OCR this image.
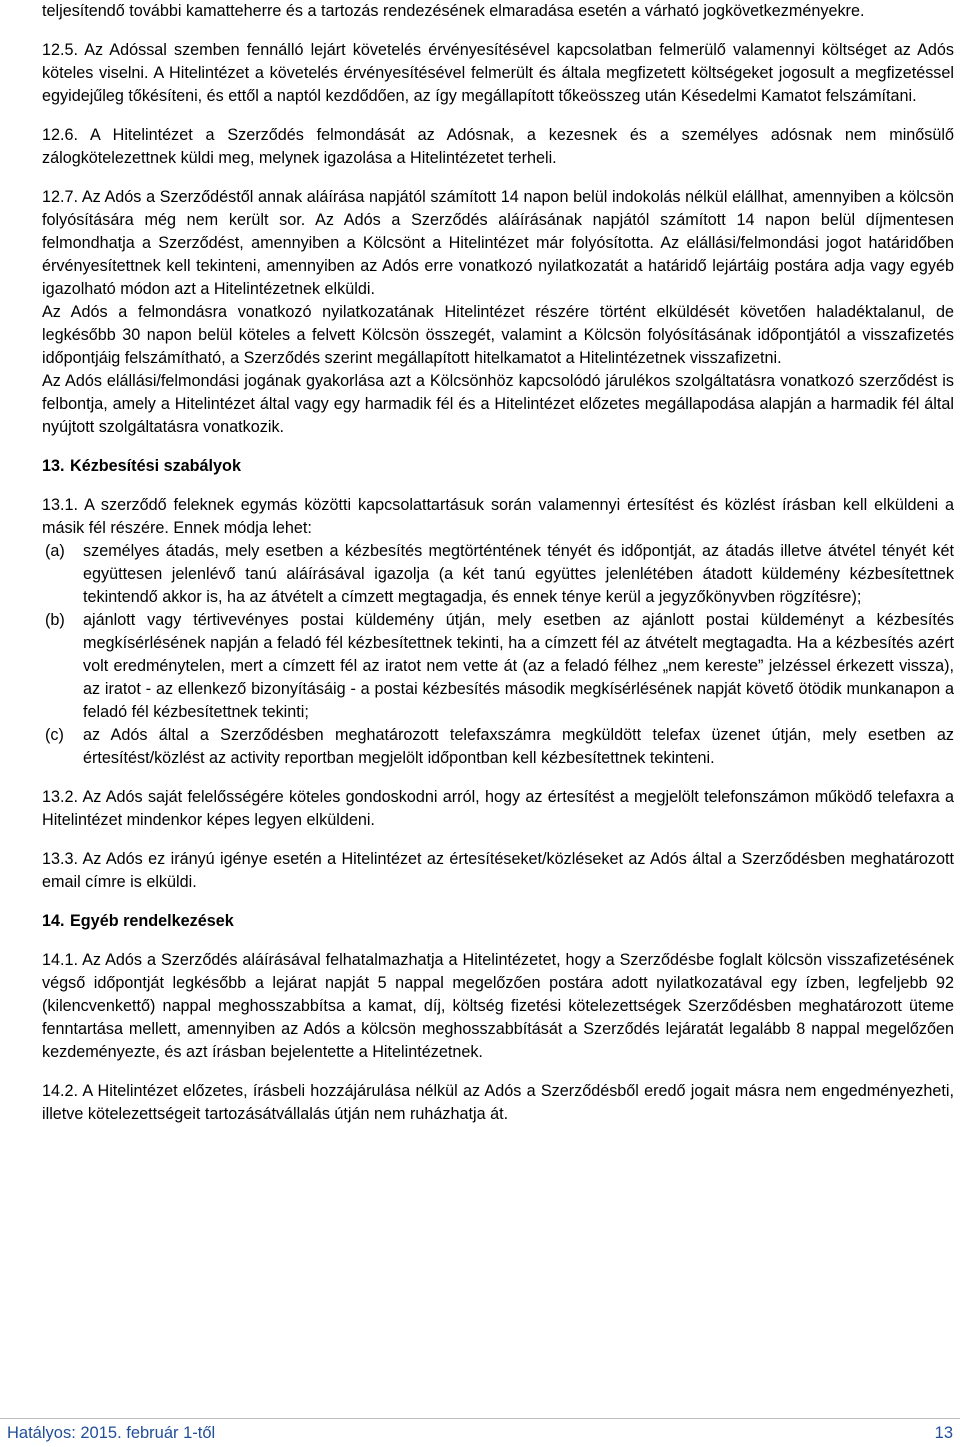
teljesítendő további kamatteherre és a tartozás rendezésének elmaradása esetén a várható jogkövetkezményekre.

12.5. Az Adóssal szemben fennálló lejárt követelés érvényesítésével kapcsolatban felmerülő valamennyi költséget az Adós köteles viselni. A Hitelintézet a követelés érvényesítésével felmerült és általa megfizetett költségeket jogosult a megfizetéssel egyidejűleg tőkésíteni, és ettől a naptól kezdődően, az így megállapított tőkeösszeg után Késedelmi Kamatot felszámítani.

12.6. A Hitelintézet a Szerződés felmondását az Adósnak, a kezesnek és a személyes adósnak nem minősülő zálogkötelezettnek küldi meg, melynek igazolása a Hitelintézetet terheli.

12.7. Az Adós a Szerződéstől annak aláírása napjától számított 14 napon belül indokolás nélkül elállhat, amennyiben a kölcsön folyósítására még nem került sor. Az Adós a Szerződés aláírásának napjától számított 14 napon belül díjmentesen felmondhatja a Szerződést, amennyiben a Kölcsönt a Hitelintézet már folyósította. Az elállási/felmondási jogot határidőben érvényesítettnek kell tekinteni, amennyiben az Adós erre vonatkozó nyilatkozatát a határidő lejártáig postára adja vagy egyéb igazolható módon azt a Hitelintézetnek elküldi.

Az Adós a felmondásra vonatkozó nyilatkozatának Hitelintézet részére történt elküldését követően haladéktalanul, de legkésőbb 30 napon belül köteles a felvett Kölcsön összegét, valamint a Kölcsön folyósításának időpontjától a visszafizetés időpontjáig felszámítható, a Szerződés szerint megállapított hitelkamatot a Hitelintézetnek visszafizetni.

Az Adós elállási/felmondási jogának gyakorlása azt a Kölcsönhöz kapcsolódó járulékos szolgáltatásra vonatkozó szerződést is felbontja, amely a Hitelintézet által vagy egy harmadik fél és a Hitelintézet előzetes megállapodása alapján a harmadik fél által nyújtott szolgáltatásra vonatkozik.

13. Kézbesítési szabályok

13.1. A szerződő feleknek egymás közötti kapcsolattartásuk során valamennyi értesítést és közlést írásban kell elküldeni a másik fél részére. Ennek módja lehet:

(a) személyes átadás, mely esetben a kézbesítés megtörténtének tényét és időpontját, az átadás illetve átvétel tényét két együttesen jelenlévő tanú aláírásával igazolja (a két tanú együttes jelenlétében átadott küldemény kézbesítettnek tekintendő akkor is, ha az átvételt a címzett megtagadja, és ennek ténye kerül a jegyzőkönyvben rögzítésre);
(b) ajánlott vagy tértivevényes postai küldemény útján, mely esetben az ajánlott postai küldeményt a kézbesítés megkísérlésének napján a feladó fél kézbesítettnek tekinti, ha a címzett fél az átvételt megtagadta. Ha a kézbesítés azért volt eredménytelen, mert a címzett fél az iratot nem vette át (az a feladó félhez „nem kereste” jelzéssel érkezett vissza), az iratot - az ellenkező bizonyításáig - a postai kézbesítés második megkísérlésének napját követő ötödik munkanapon a feladó fél kézbesítettnek tekinti;
(c) az Adós által a Szerződésben meghatározott telefaxszámra megküldött telefax üzenet útján, mely esetben az értesítést/közlést az activity reportban megjelölt időpontban kell kézbesítettnek tekinteni.

13.2. Az Adós saját felelősségére köteles gondoskodni arról, hogy az értesítést a megjelölt telefonszámon működő telefaxra a Hitelintézet mindenkor képes legyen elküldeni.

13.3. Az Adós ez irányú igénye esetén a Hitelintézet az értesítéseket/közléseket az Adós által a Szerződésben meghatározott email címre is elküldi.

14. Egyéb rendelkezések

14.1. Az Adós a Szerződés aláírásával felhatalmazhatja a Hitelintézetet, hogy a Szerződésbe foglalt kölcsön visszafizetésének végső időpontját legkésőbb a lejárat napját 5 nappal megelőzően postára adott nyilatkozatával egy ízben, legfeljebb 92 (kilencvenkettő) nappal meghosszabbítsa a kamat, díj, költség fizetési kötelezettségek Szerződésben meghatározott üteme fenntartása mellett, amennyiben az Adós a kölcsön meghosszabbítását a Szerződés lejáratát legalább 8 nappal megelőzően kezdeményezte, és azt írásban bejelentette a Hitelintézetnek.

14.2. A Hitelintézet előzetes, írásbeli hozzájárulása nélkül az Adós a Szerződésből eredő jogait másra nem engedményezheti, illetve kötelezettségeit tartozásátvállalás útján nem ruházhatja át.

Hatályos: 2015. február 1-től	13
